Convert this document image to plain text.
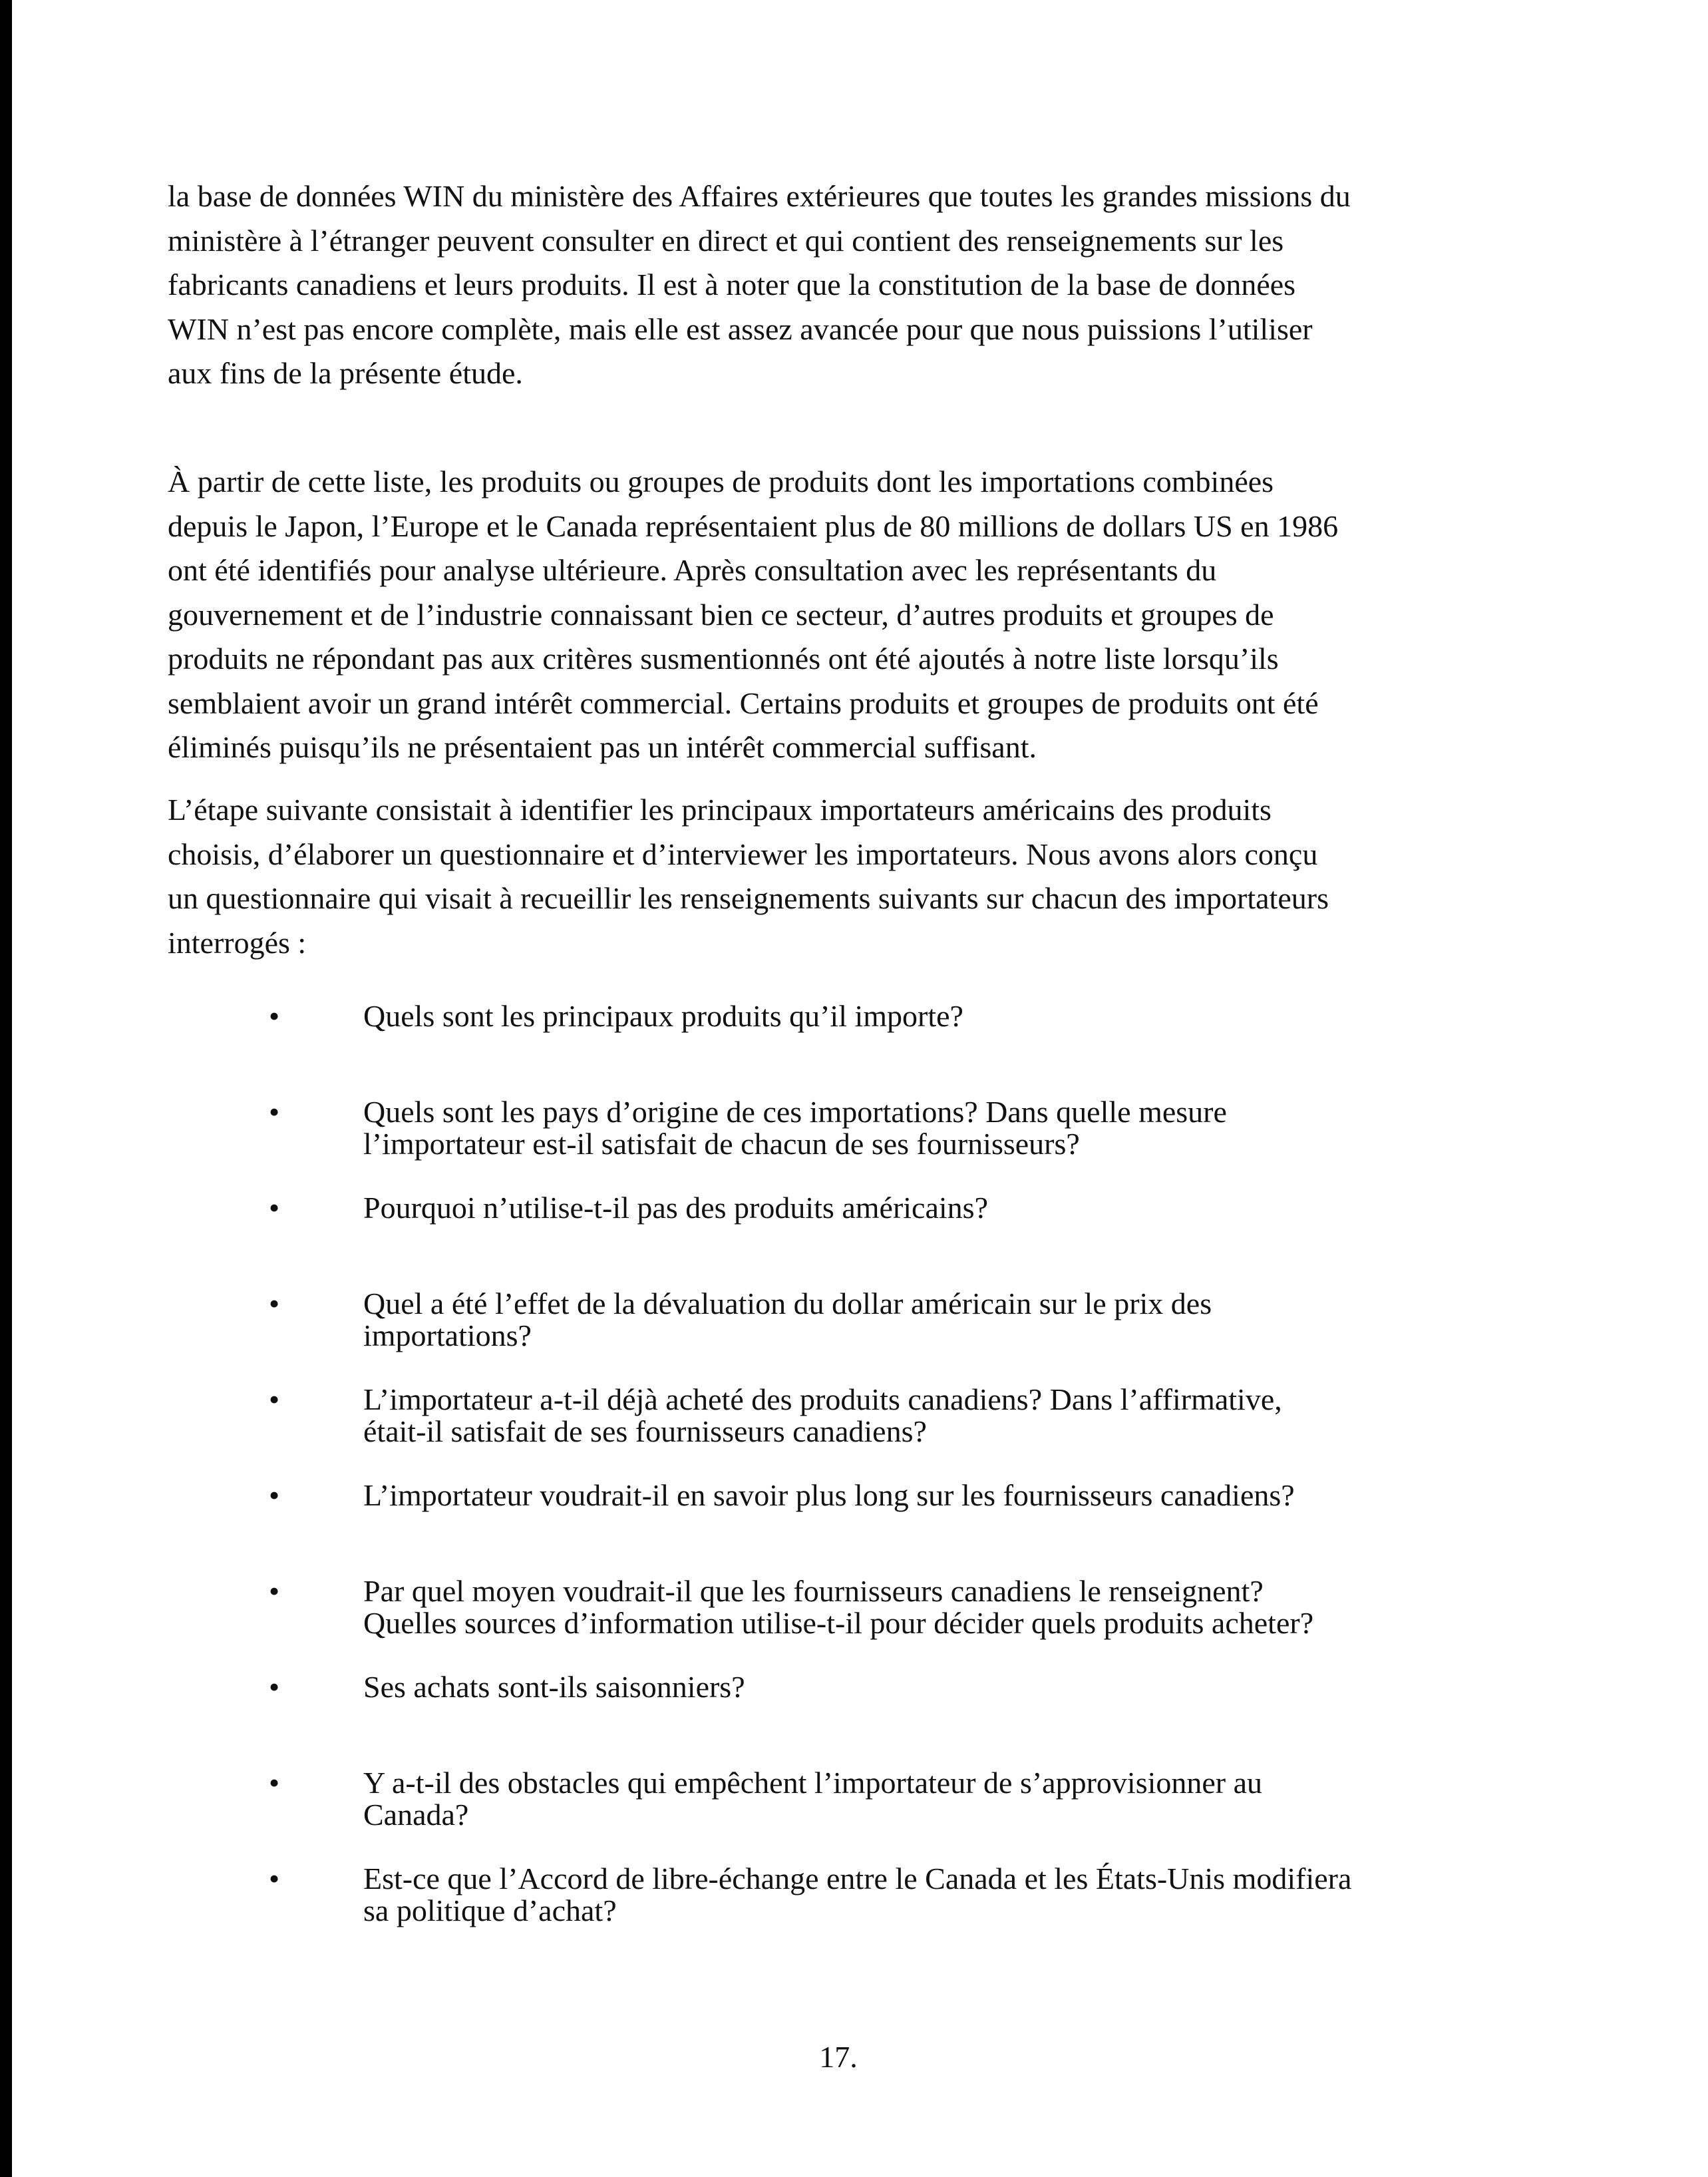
la base de données WIN du ministère des Affaires extérieures que toutes les grandes missions du
ministère à l’étranger peuvent consulter en direct et qui contient des renseignements sur les
fabricants canadiens et leurs produits. Il est à noter que la constitution de la base de données
WIN n’est pas encore complète, mais elle est assez avancée pour que nous puissions l’utiliser
aux fins de la présente étude.
À partir de cette liste, les produits ou groupes de produits dont les importations combinées
depuis le Japon, l’Europe et le Canada représentaient plus de 80 millions de dollars US en 1986
ont été identifiés pour analyse ultérieure. Après consultation avec les représentants du
gouvernement et de l’industrie connaissant bien ce secteur, d’autres produits et groupes de
produits ne répondant pas aux critères susmentionnés ont été ajoutés à notre liste lorsqu’ils
semblaient avoir un grand intérêt commercial. Certains produits et groupes de produits ont été
éliminés puisqu’ils ne présentaient pas un intérêt commercial suffisant.
L’étape suivante consistait à identifier les principaux importateurs américains des produits
choisis, d’élaborer un questionnaire et d’interviewer les importateurs. Nous avons alors conçu
un questionnaire qui visait à recueillir les renseignements suivants sur chacun des importateurs
interrogés :
•	Quels sont les principaux produits qu’il importe?
•	Quels sont les pays d’origine de ces importations? Dans quelle mesure
l’importateur est-il satisfait de chacun de ses fournisseurs?
•	Pourquoi n’utilise-t-il pas des produits américains?
•	Quel a été l’effet de la dévaluation du dollar américain sur le prix des
importations?
•	L’importateur a-t-il déjà acheté des produits canadiens? Dans l’affirmative,
était-il satisfait de ses fournisseurs canadiens?
•	L’importateur voudrait-il en savoir plus long sur les fournisseurs canadiens?
•	Par quel moyen voudrait-il que les fournisseurs canadiens le renseignent?
Quelles sources d’information utilise-t-il pour décider quels produits acheter?
•	Ses achats sont-ils saisonniers?
•	Y a-t-il des obstacles qui empêchent l’importateur de s’approvisionner au
Canada?
•	Est-ce que l’Accord de libre-échange entre le Canada et les États-Unis modifiera
sa politique d’achat?
17.
